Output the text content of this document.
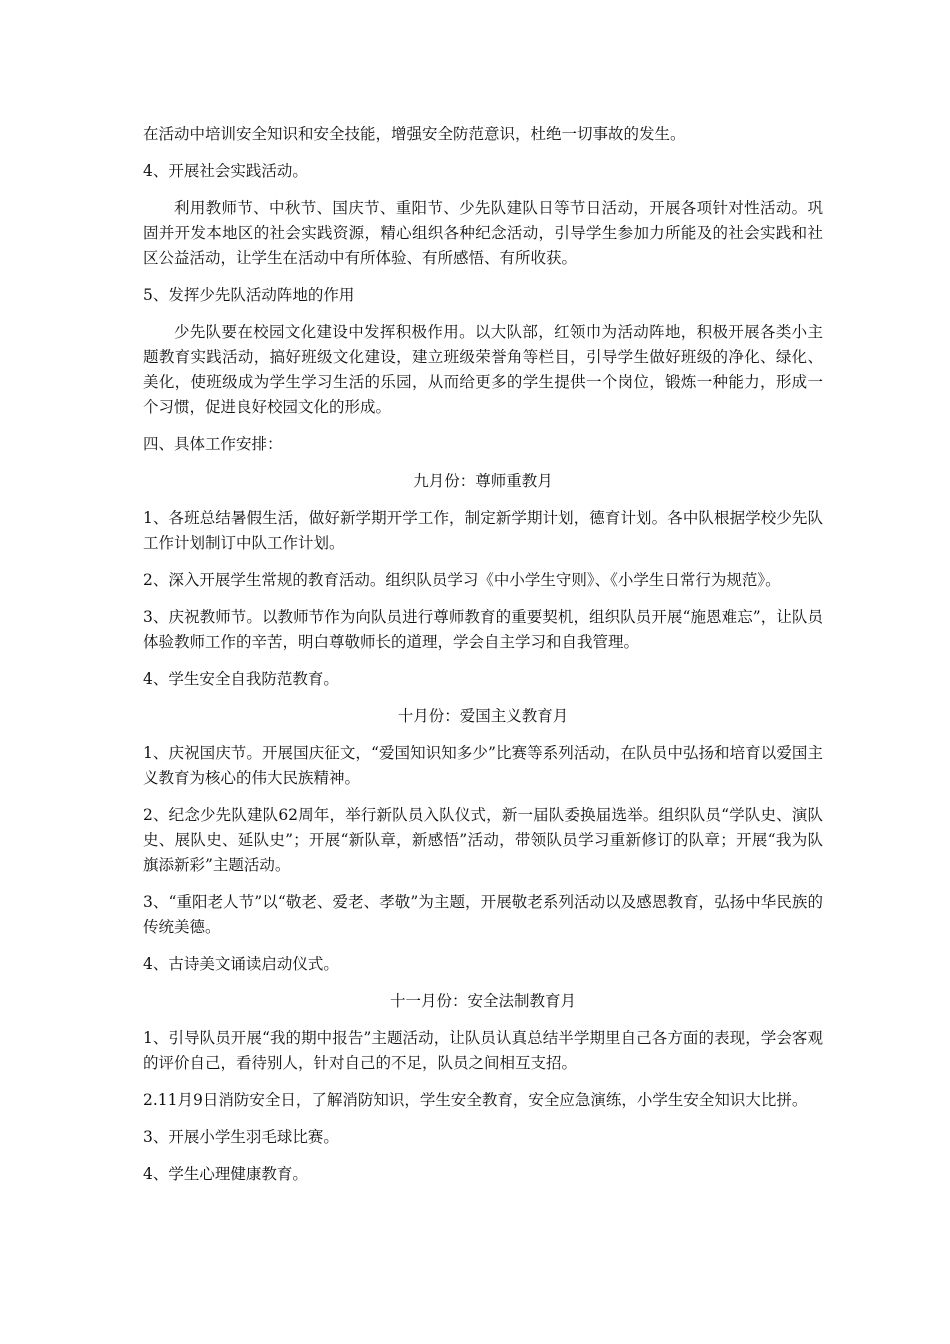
在活动中培训安全知识和安全技能，增强安全防范意识，杜绝一切事故的发生。

4、开展社会实践活动。

利用教师节、中秋节、国庆节、重阳节、少先队建队日等节日活动，开展各项针对性活动。巩固并开发本地区的社会实践资源，精心组织各种纪念活动，引导学生参加力所能及的社会实践和社区公益活动，让学生在活动中有所体验、有所感悟、有所收获。

5、发挥少先队活动阵地的作用

少先队要在校园文化建设中发挥积极作用。以大队部，红领巾为活动阵地，积极开展各类小主题教育实践活动，搞好班级文化建设，建立班级荣誉角等栏目，引导学生做好班级的净化、绿化、美化，使班级成为学生学习生活的乐园，从而给更多的学生提供一个岗位，锻炼一种能力，形成一个习惯，促进良好校园文化的形成。

四、具体工作安排：

九月份：尊师重教月

1、各班总结暑假生活，做好新学期开学工作，制定新学期计划，德育计划。各中队根据学校少先队工作计划制订中队工作计划。

2、深入开展学生常规的教育活动。组织队员学习《中小学生守则》、《小学生日常行为规范》。

3、庆祝教师节。以教师节作为向队员进行尊师教育的重要契机，组织队员开展“施恩难忘”，让队员体验教师工作的辛苦，明白尊敬师长的道理，学会自主学习和自我管理。

4、学生安全自我防范教育。

十月份：爱国主义教育月

1、庆祝国庆节。开展国庆征文，“爱国知识知多少”比赛等系列活动，在队员中弘扬和培育以爱国主义教育为核心的伟大民族精神。

2、纪念少先队建队62周年，举行新队员入队仪式，新一届队委换届选举。组织队员“学队史、演队史、展队史、延队史”；开展“新队章，新感悟”活动，带领队员学习重新修订的队章；开展“我为队旗添新彩”主题活动。

3、“重阳老人节”以“敬老、爱老、孝敬”为主题，开展敬老系列活动以及感恩教育，弘扬中华民族的传统美德。

4、古诗美文诵读启动仪式。

十一月份：安全法制教育月

1、引导队员开展“我的期中报告”主题活动，让队员认真总结半学期里自己各方面的表现，学会客观的评价自己，看待别人，针对自己的不足，队员之间相互支招。

2.11月9日消防安全日，了解消防知识，学生安全教育，安全应急演练，小学生安全知识大比拼。

3、开展小学生羽毛球比赛。

4、学生心理健康教育。
